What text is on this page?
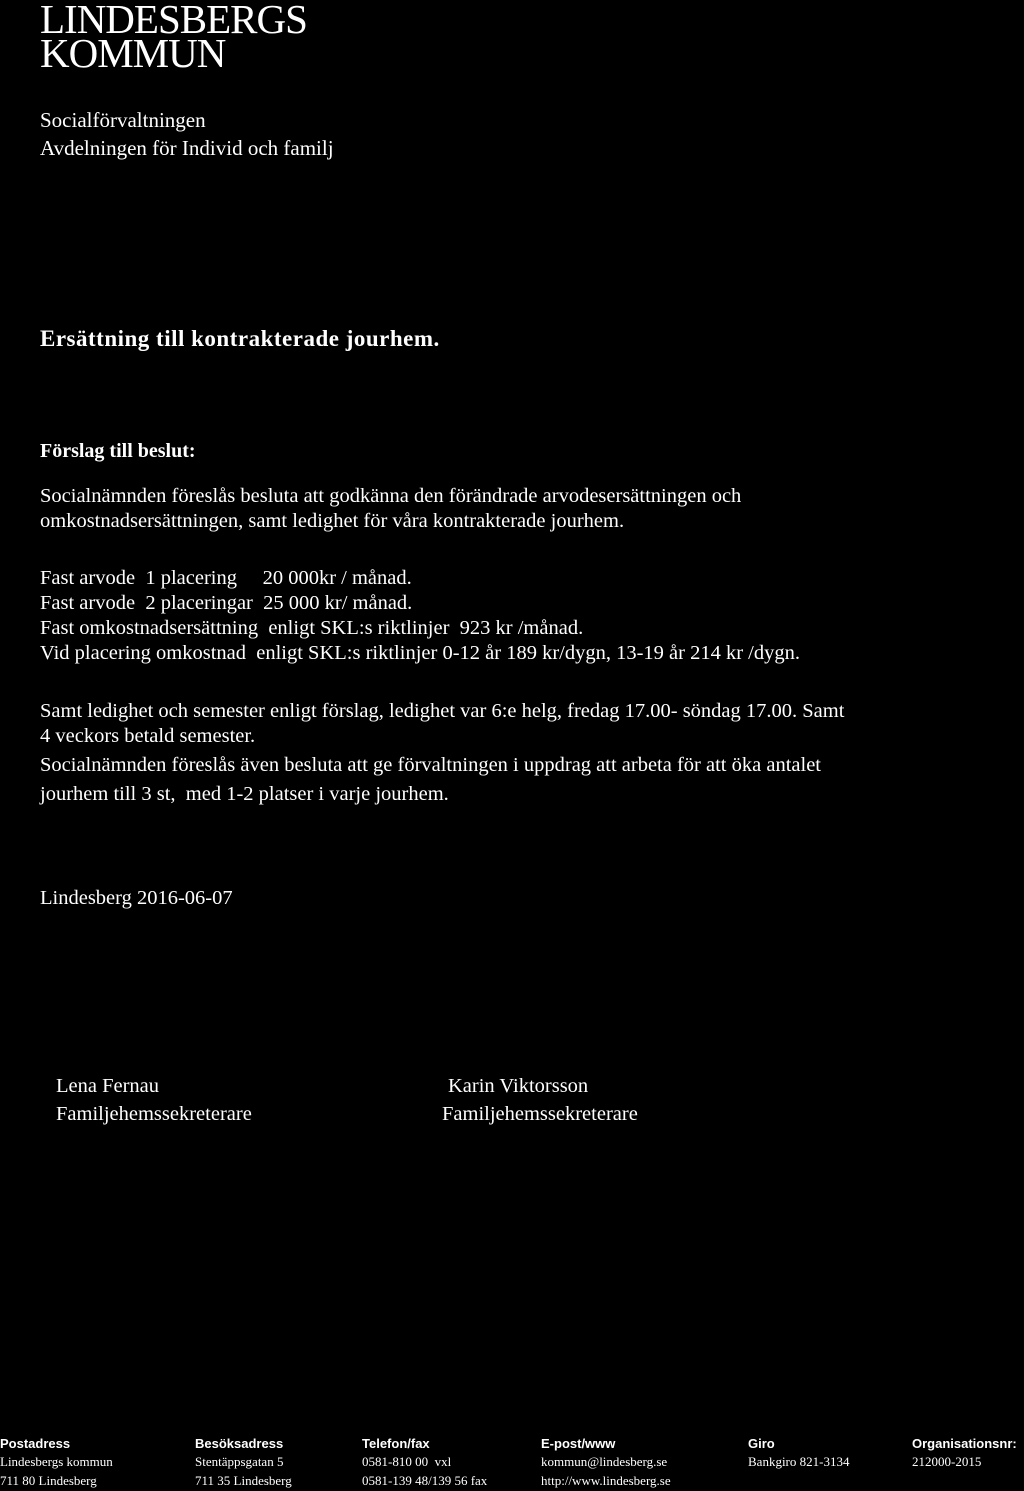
LINDESBERGS
KOMMUN
Socialförvaltningen
Avdelningen för Individ och familj
Ersättning till kontrakterade jourhem.
Förslag till beslut:
Socialnämnden föreslås besluta att godkänna den förändrade arvodesersättningen och
omkostnadsersättningen, samt ledighet för våra kontrakterade jourhem.
Fast arvode  1 placering     20 000kr / månad.
Fast arvode  2 placeringar  25 000 kr/ månad.
Fast omkostnadsersättning  enligt SKL:s riktlinjer  923 kr /månad.
Vid placering omkostnad  enligt SKL:s riktlinjer 0-12 år 189 kr/dygn, 13-19 år 214 kr /dygn.
Samt ledighet och semester enligt förslag, ledighet var 6:e helg, fredag 17.00- söndag 17.00. Samt
4 veckors betald semester.
Socialnämnden föreslås även besluta att ge förvaltningen i uppdrag att arbeta för att öka antalet
jourhem till 3 st,  med 1-2 platser i varje jourhem.
Lindesberg 2016-06-07
Lena Fernau
Familjehemssekreterare
Karin Viktorsson
Familjehemssekreterare
Postadress
Lindesbergs kommun
711 80 Lindesberg
Besöksadress
Stentäppsgatan 5
711 35 Lindesberg
Telefon/fax
0581-810 00  vxl
0581-139 48/139 56 fax
E-post/www
kommun@lindesberg.se
http://www.lindesberg.se
Giro
Bankgiro 821-3134
Organisationsnr:
212000-2015
